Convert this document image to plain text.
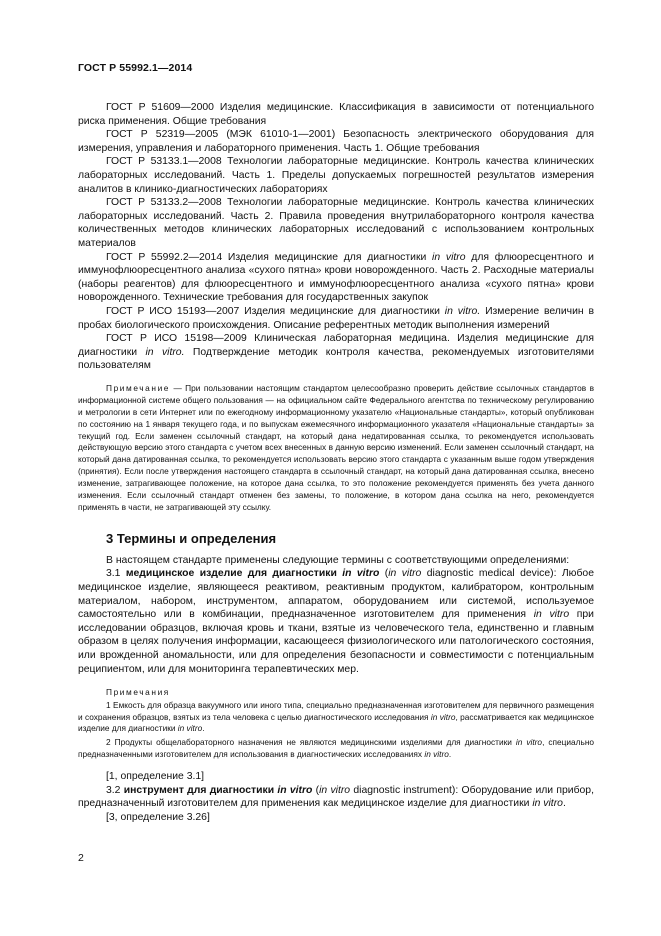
ГОСТ Р 55992.1—2014

ГОСТ Р 51609—2000 Изделия медицинские. Классификация в зависимости от потенциального риска применения. Общие требования

ГОСТ Р 52319—2005 (МЭК 61010-1—2001) Безопасность электрического оборудования для измерения, управления и лабораторного применения. Часть 1. Общие требования

ГОСТ Р 53133.1—2008 Технологии лабораторные медицинские. Контроль качества клинических лабораторных исследований. Часть 1. Пределы допускаемых погрешностей результатов измерения аналитов в клинико-диагностических лабораториях

ГОСТ Р 53133.2—2008 Технологии лабораторные медицинские. Контроль качества клинических лабораторных исследований. Часть 2. Правила проведения внутрилабораторного контроля качества количественных методов клинических лабораторных исследований с использованием контрольных материалов

ГОСТ Р 55992.2—2014 Изделия медицинские для диагностики in vitro для флюоресцентного и иммунофлюоресцентного анализа «сухого пятна» крови новорожденного. Часть 2. Расходные материалы (наборы реагентов) для флюоресцентного и иммунофлюоресцентного анализа «сухого пятна» крови новорожденного. Технические требования для государственных закупок

ГОСТ Р ИСО 15193—2007 Изделия медицинские для диагностики in vitro. Измерение величин в пробах биологического происхождения. Описание референтных методик выполнения измерений

ГОСТ Р ИСО 15198—2009 Клиническая лабораторная медицина. Изделия медицинские для диагностики in vitro. Подтверждение методик контроля качества, рекомендуемых изготовителями пользователям

Примечание — При пользовании настоящим стандартом целесообразно проверить действие ссылочных стандартов в информационной системе общего пользования — на официальном сайте Федерального агентства по техническому регулированию и метрологии в сети Интернет или по ежегодному информационному указателю «Национальные стандарты», который опубликован по состоянию на 1 января текущего года, и по выпускам ежемесячного информационного указателя «Национальные стандарты» за текущий год. Если заменен ссылочный стандарт, на который дана недатированная ссылка, то рекомендуется использовать действующую версию этого стандарта с учетом всех внесенных в данную версию изменений. Если заменен ссылочный стандарт, на который дана датированная ссылка, то рекомендуется использовать версию этого стандарта с указанным выше годом утверждения (принятия). Если после утверждения настоящего стандарта в ссылочный стандарт, на который дана датированная ссылка, внесено изменение, затрагивающее положение, на которое дана ссылка, то это положение рекомендуется применять без учета данного изменения. Если ссылочный стандарт отменен без замены, то положение, в котором дана ссылка на него, рекомендуется применять в части, не затрагивающей эту ссылку.

3 Термины и определения

В настоящем стандарте применены следующие термины с соответствующими определениями:

3.1 медицинское изделие для диагностики in vitro (in vitro diagnostic medical device): Любое медицинское изделие, являющееся реактивом, реактивным продуктом, калибратором, контрольным материалом, набором, инструментом, аппаратом, оборудованием или системой, используемое самостоятельно или в комбинации, предназначенное изготовителем для применения in vitro при исследовании образцов, включая кровь и ткани, взятые из человеческого тела, единственно и главным образом в целях получения информации, касающееся физиологического или патологического состояния, или врожденной аномальности, или для определения безопасности и совместимости с потенциальным реципиентом, или для мониторинга терапевтических мер.

Примечания

1 Емкость для образца вакуумного или иного типа, специально предназначенная изготовителем для первичного размещения и сохранения образцов, взятых из тела человека с целью диагностического исследования in vitro, рассматривается как медицинское изделие для диагностики in vitro.

2 Продукты общелабораторного назначения не являются медицинскими изделиями для диагностики in vitro, специально предназначенными изготовителем для использования в диагностических исследованиях in vitro.

[1, определение 3.1]

3.2 инструмент для диагностики in vitro (in vitro diagnostic instrument): Оборудование или прибор, предназначенный изготовителем для применения как медицинское изделие для диагностики in vitro.

[3, определение 3.26]

2
